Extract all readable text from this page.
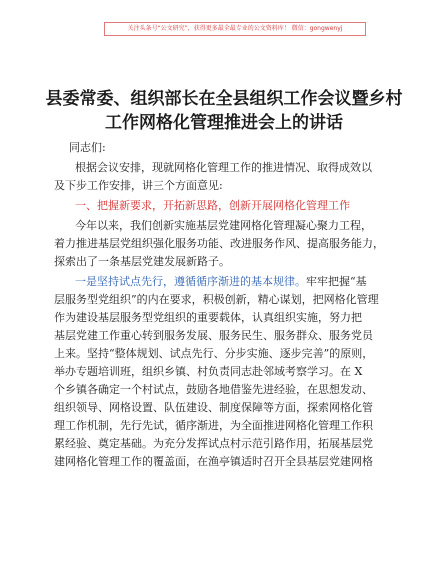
关注头条号“公文研究”，获得更多最全最专业的公文资料库！ 微信：gongwenyj
县委常委、组织部长在全县组织工作会议暨乡村
工作网格化管理推进会上的讲话
同志们:
根据会议安排，现就网格化管理工作的推进情况、取得成效以
及下步工作安排，讲三个方面意见:
一、把握新要求，开拓新思路，创新开展网格化管理工作
今年以来，我们创新实施基层党建网格化管理凝心聚力工程，
着力推进基层党组织强化服务功能、改进服务作风、提高服务能力，
探索出了一条基层党建发展新路子。
一是坚持试点先行，遵循循序渐进的基本规律。牢牢把握“基
层服务型党组织”的内在要求，积极创新，精心谋划，把网格化管理
作为建设基层服务型党组织的重要载体，认真组织实施，努力把
基层党建工作重心转到服务发展、服务民生、服务群众、服务党员
上来。坚持“整体规划、试点先行、分步实施、逐步完善”的原则，
举办专题培训班，组织乡镇、村负责同志赴邻域考察学习。在 X
个乡镇各确定一个村试点，鼓励各地借鉴先进经验，在思想发动、
组织领导、网格设置、队伍建设、制度保障等方面，探索网格化管
理工作机制，先行先试，循序渐进，为全面推进网格化管理工作积
累经验、奠定基础。为充分发挥试点村示范引路作用，拓展基层党
建网格化管理工作的覆盖面，在渔亭镇适时召开全县基层党建网格
